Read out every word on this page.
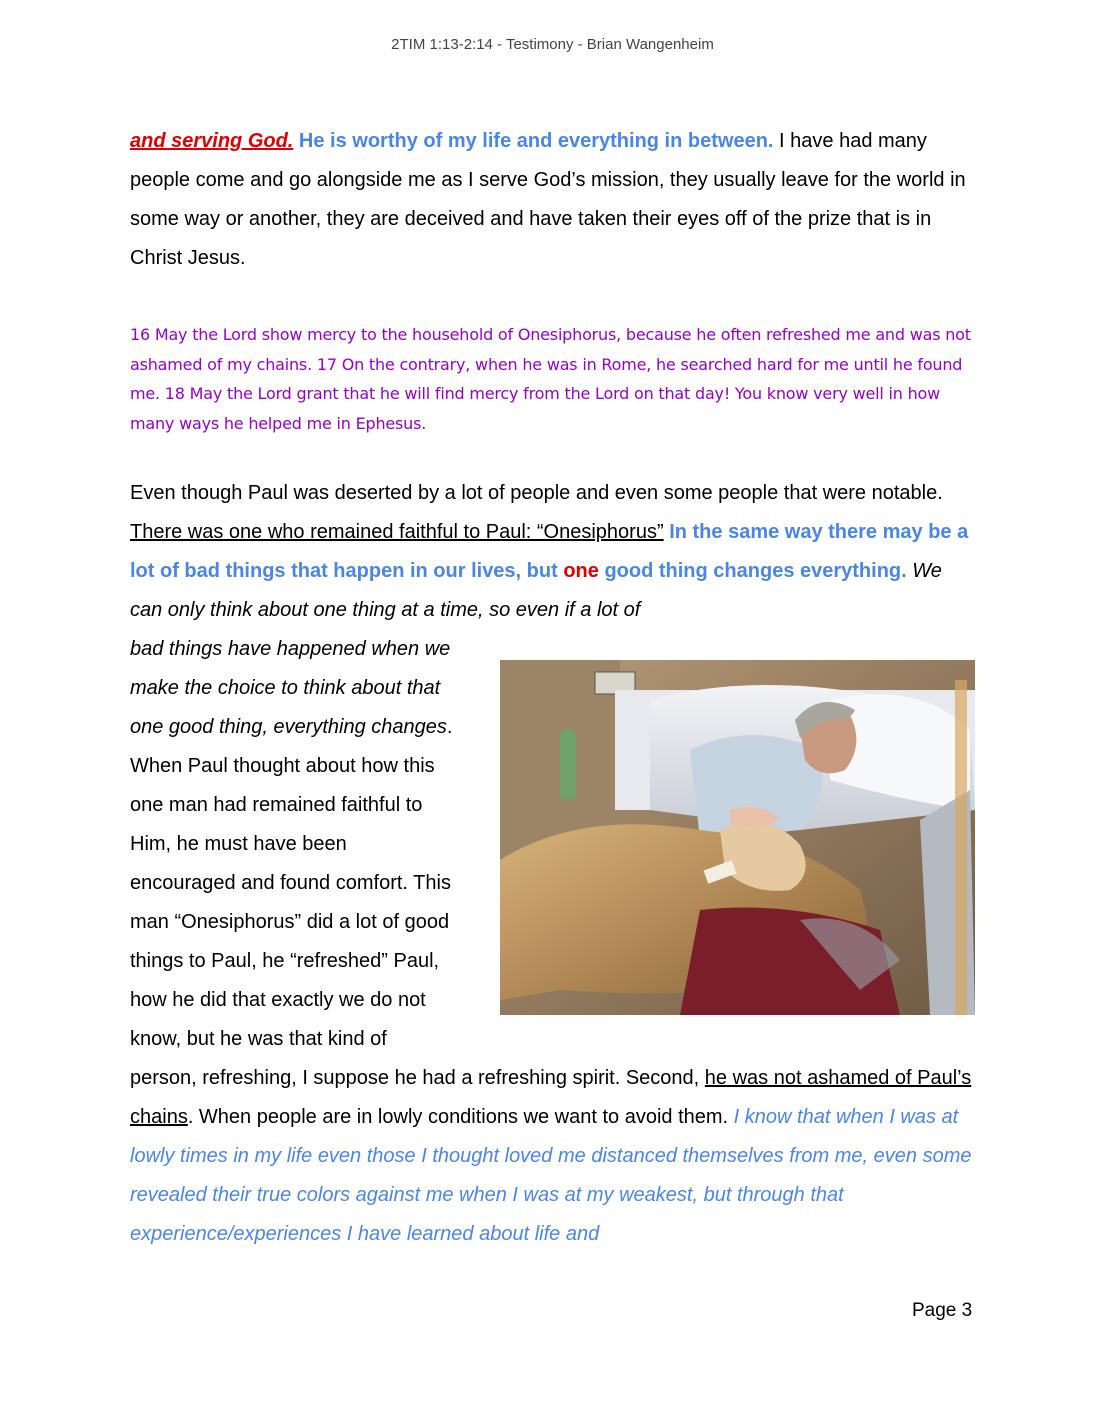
2TIM 1:13-2:14 - Testimony - Brian Wangenheim
and serving God. He is worthy of my life and everything in between. I have had many people come and go alongside me as I serve God’s mission, they usually leave for the world in some way or another, they are deceived and have taken their eyes off of the prize that is in Christ Jesus.
16 May the Lord show mercy to the household of Onesiphorus, because he often refreshed me and was not ashamed of my chains. 17 On the contrary, when he was in Rome, he searched hard for me until he found me. 18 May the Lord grant that he will find mercy from the Lord on that day! You know very well in how many ways he helped me in Ephesus.
Even though Paul was deserted by a lot of people and even some people that were notable. There was one who remained faithful to Paul: “Onesiphorus” In the same way there may be a lot of bad things that happen in our lives, but one good thing changes everything. We can only think about one thing at a time, so even if a lot of
bad things have happened when we
make the choice to think about that
one good thing, everything changes.
When Paul thought about how this
one man had remained faithful to
Him, he must have been
encouraged and found comfort. This
man “Onesiphorus” did a lot of good
things to Paul, he “refreshed” Paul,
how he did that exactly we do not
know, but he was that kind of
person, refreshing, I suppose he had a refreshing spirit. Second, he was not ashamed of Paul’s chains. When people are in lowly conditions we want to avoid them. I know that when I was at lowly times in my life even those I thought loved me distanced themselves from me, even some revealed their true colors against me when I was at my weakest, but through that experience/experiences I have learned about life and
Page 3
